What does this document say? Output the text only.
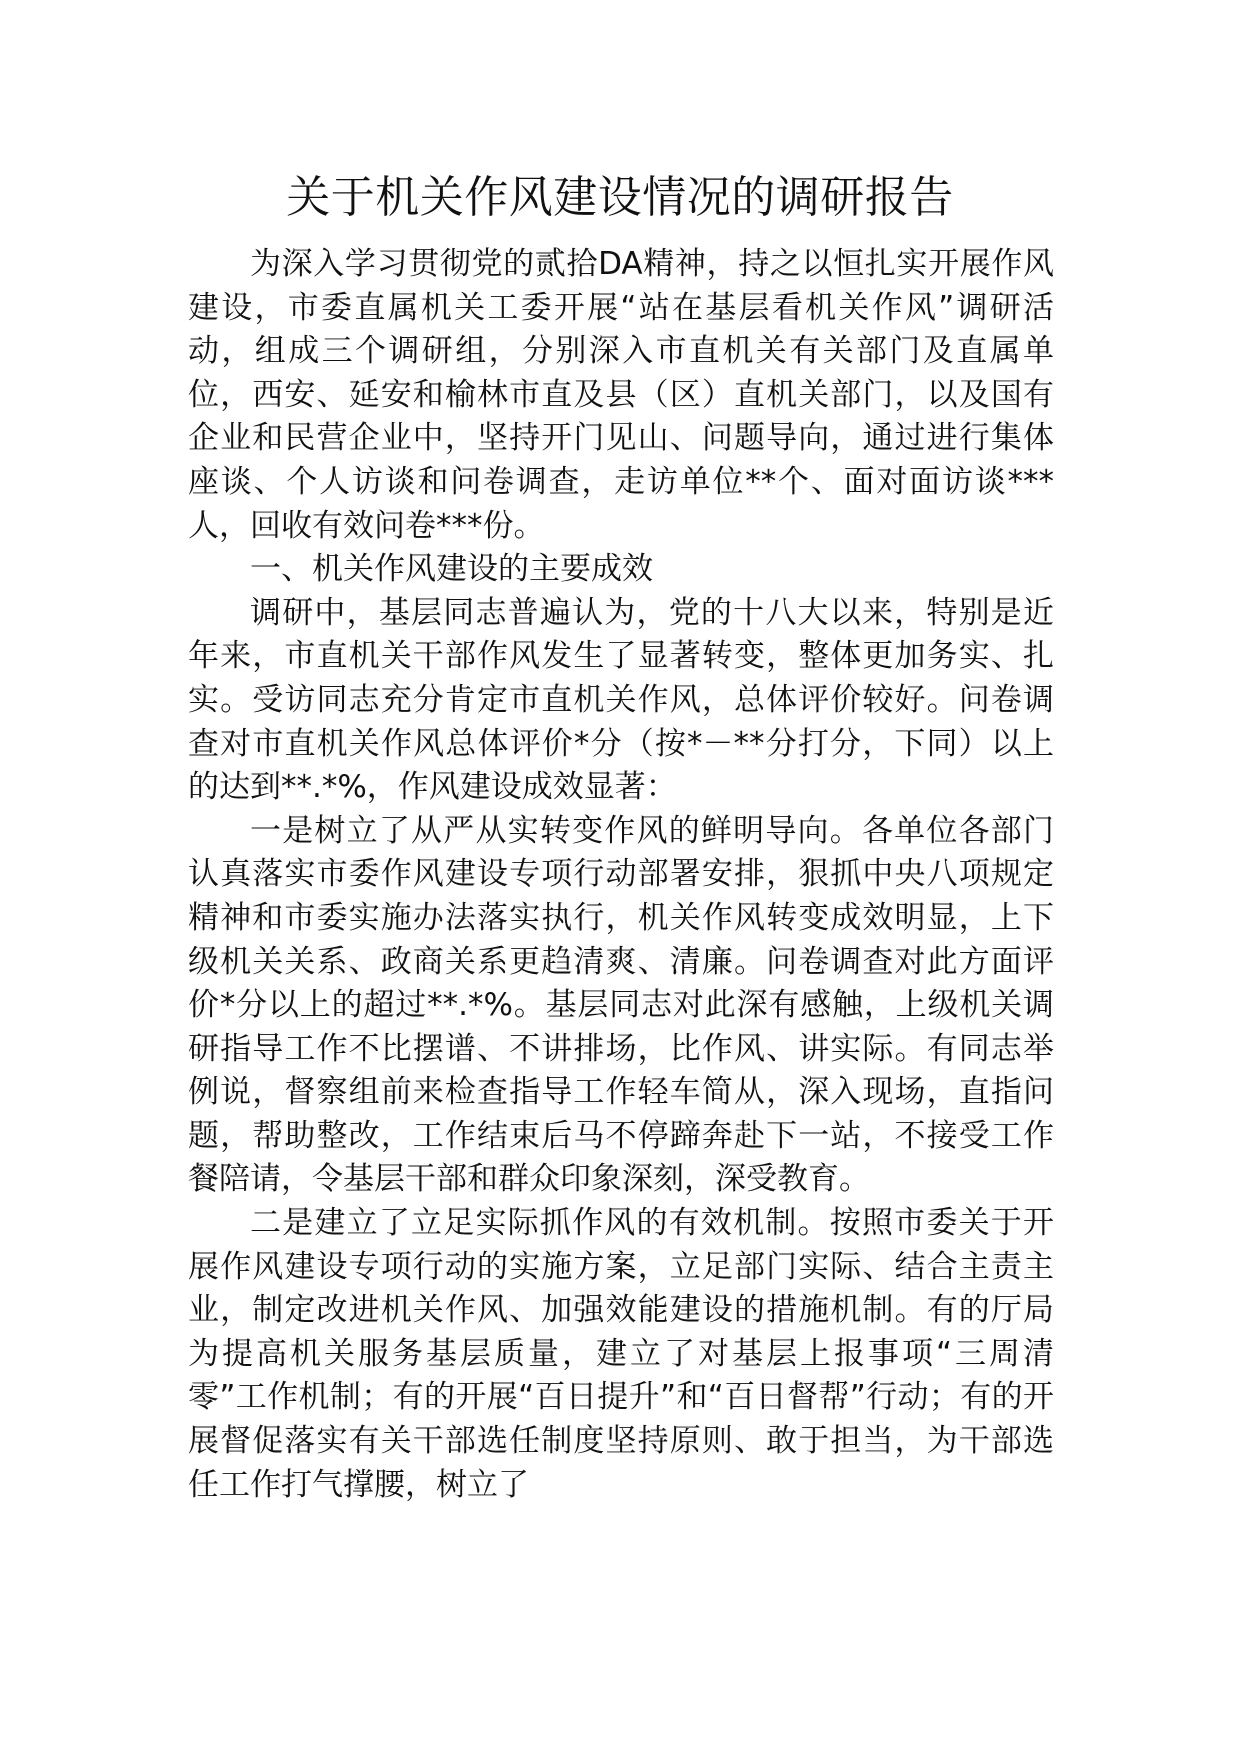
关于机关作风建设情况的调研报告

为深入学习贯彻党的贰拾DA精神，持之以恒扎实开展作风建设，市委直属机关工委开展“站在基层看机关作风”调研活动，组成三个调研组，分别深入市直机关有关部门及直属单位，西安、延安和榆林市直及县（区）直机关部门，以及国有企业和民营企业中，坚持开门见山、问题导向，通过进行集体座谈、个人访谈和问卷调查，走访单位**个、面对面访谈***人，回收有效问卷***份。

一、机关作风建设的主要成效

调研中，基层同志普遍认为，党的十八大以来，特别是近年来，市直机关干部作风发生了显著转变，整体更加务实、扎实。受访同志充分肯定市直机关作风，总体评价较好。问卷调查对市直机关作风总体评价*分（按*－**分打分，下同）以上的达到**.*%，作风建设成效显著：

一是树立了从严从实转变作风的鲜明导向。各单位各部门认真落实市委作风建设专项行动部署安排，狠抓中央八项规定精神和市委实施办法落实执行，机关作风转变成效明显，上下级机关关系、政商关系更趋清爽、清廉。问卷调查对此方面评价*分以上的超过**.*%。基层同志对此深有感触，上级机关调研指导工作不比摆谱、不讲排场，比作风、讲实际。有同志举例说，督察组前来检查指导工作轻车简从，深入现场，直指问题，帮助整改，工作结束后马不停蹄奔赴下一站，不接受工作餐陪请，令基层干部和群众印象深刻，深受教育。

二是建立了立足实际抓作风的有效机制。按照市委关于开展作风建设专项行动的实施方案，立足部门实际、结合主责主业，制定改进机关作风、加强效能建设的措施机制。有的厅局为提高机关服务基层质量，建立了对基层上报事项“三周清零”工作机制；有的开展“百日提升”和“百日督帮”行动；有的开展督促落实有关干部选任制度坚持原则、敢于担当，为干部选任工作打气撑腰，树立了
